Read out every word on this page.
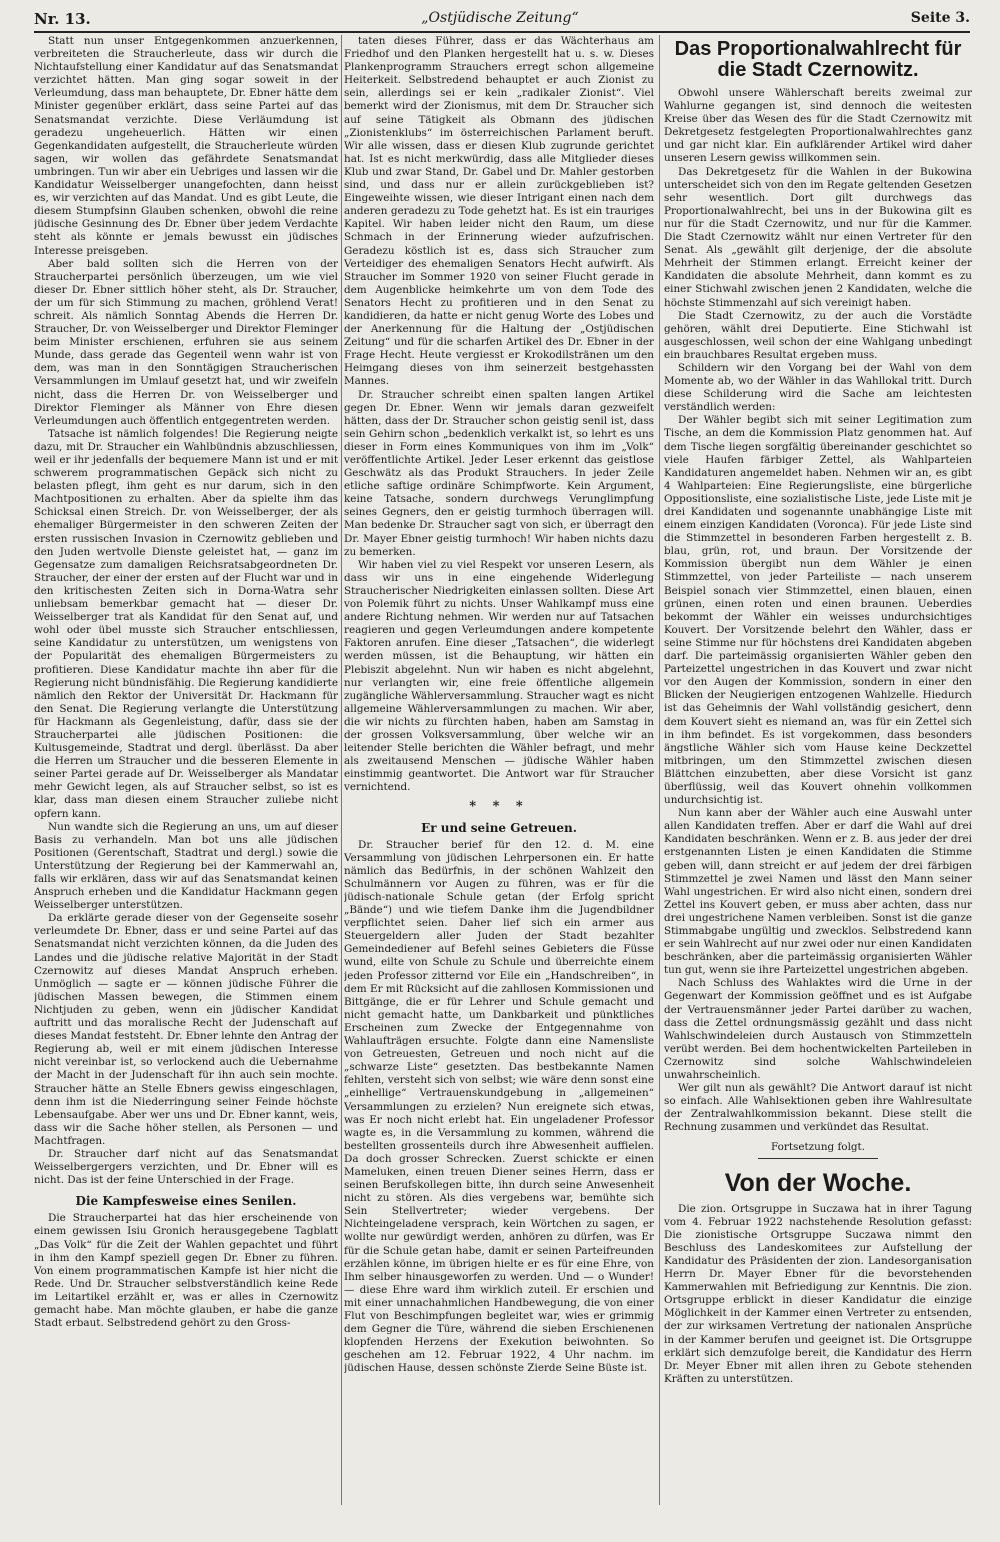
Nr. 13.	„Ostjüdische Zeitung“	Seite 3.

Statt nun unser Entgegenkommen anzuerkennen, verbreiteten die Straucherleute, dass wir durch die Nichtaufstellung einer Kandidatur auf das Senatsmandat verzichtet hätten. Man ging sogar soweit in der Verleumdung, dass man behauptete, Dr. Ebner hätte dem Minister gegenüber erklärt, dass seine Partei auf das Senatsmandat verzichte. Diese Verläumdung ist geradezu ungeheuerlich. Hätten wir einen Gegenkandidaten aufgestellt, die Straucherleute würden sagen, wir wollen das gefährdete Senatsmandat umbringen. Tun wir aber ein Uebriges und lassen wir die Kandidatur Weisselberger unangefochten, dann heisst es, wir verzichten auf das Mandat. Und es gibt Leute, die diesem Stumpfsinn Glauben schenken, obwohl die reine jüdische Gesinnung des Dr. Ebner über jedem Verdachte steht als könnte er jemals bewusst ein jüdisches Interesse preisgeben.

Aber bald sollten sich die Herren von der Straucherpartei persönlich überzeugen, um wie viel dieser Dr. Ebner sittlich höher steht, als Dr. Straucher, der um für sich Stimmung zu machen, gröhlend Verat! schreit. Als nämlich Sonntag Abends die Herren Dr. Straucher, Dr. von Weisselberger und Direktor Fleminger beim Minister erschienen, erfuhren sie aus seinem Munde, dass gerade das Gegenteil wenn wahr ist von dem, was man in den Sonntägigen Straucherischen Versammlungen im Umlauf gesetzt hat, und wir zweifeln nicht, dass die Herren Dr. von Weisselberger und Direktor Fleminger als Männer von Ehre diesen Verleumdungen auch öffentlich entgegentreten werden.

Tatsache ist nämlich folgendes! Die Regierung neigte dazu, mit Dr. Straucher ein Wahlbündnis abzuschliessen, weil er ihr jedenfalls der bequemere Mann ist und er mit schwerem programmatischen Gepäck sich nicht zu belasten pflegt, ihm geht es nur darum, sich in den Machtpositionen zu erhalten. Aber da spielte ihm das Schicksal einen Streich. Dr. von Weisselberger, der als ehemaliger Bürgermeister in den schweren Zeiten der ersten russischen Invasion in Czernowitz geblieben und den Juden wertvolle Dienste geleistet hat, — ganz im Gegensatze zum damaligen Reichsratsabgeordneten Dr. Straucher, der einer der ersten auf der Flucht war und in den kritischesten Zeiten sich in Dorna-Watra sehr unliebsam bemerkbar gemacht hat — dieser Dr. Weisselberger trat als Kandidat für den Senat auf, und wohl oder übel musste sich Straucher entschliessen, seine Kandidatur zu unterstützen, um wenigstens von der Popularität des ehemaligen Bürgermeisters zu profitieren. Diese Kandidatur machte ihn aber für die Regierung nicht bündnisfähig. Die Regierung kandidierte nämlich den Rektor der Universität Dr. Hackmann für den Senat. Die Regierung verlangte die Unterstützung für Hackmann als Gegenleistung, dafür, dass sie der Straucherpartei alle jüdischen Positionen: die Kultusgemeinde, Stadtrat und dergl. überlässt. Da aber die Herren um Straucher und die besseren Elemente in seiner Partei gerade auf Dr. Weisselberger als Mandatar mehr Gewicht legen, als auf Straucher selbst, so ist es klar, dass man diesen einem Straucher zuliebe nicht opfern kann.

Nun wandte sich die Regierung an uns, um auf dieser Basis zu verhandeln. Man bot uns alle jüdischen Positionen (Gerentschaft, Stadtrat und dergl.) sowie die Unterstützung der Regierung bei der Kammerwahl an, falls wir erklären, dass wir auf das Senatsmandat keinen Anspruch erheben und die Kandidatur Hackmann gegen Weisselberger unterstützen.

Da erklärte gerade dieser von der Gegenseite sosehr verleumdete Dr. Ebner, dass er und seine Partei auf das Senatsmandat nicht verzichten können, da die Juden des Landes und die jüdische relative Majorität in der Stadt Czernowitz auf dieses Mandat Anspruch erheben. Unmöglich — sagte er — können jüdische Führer die jüdischen Massen bewegen, die Stimmen einem Nichtjuden zu geben, wenn ein jüdischer Kandidat auftritt und das moralische Recht der Judenschaft auf dieses Mandat feststeht. Dr. Ebner lehnte den Antrag der Regierung ab, weil er mit einem jüdischen Interesse nicht vereinbar ist, so verlockend auch die Uebernahme der Macht in der Judenschaft für ihn auch sein mochte. Straucher hätte an Stelle Ebners gewiss eingeschlagen, denn ihm ist die Niederringung seiner Feinde höchste Lebensaufgabe. Aber wer uns und Dr. Ebner kannt, weis, dass wir die Sache höher stellen, als Personen — und Machtfragen.

Dr. Straucher darf nicht auf das Senatsmandat Weisselbergergers verzichten, und Dr. Ebner will es nicht. Das ist der feine Unterschied in der Frage.

Die Kampfesweise eines Senilen.

Die Straucherpartei hat das hier erscheinende von einem gewissen Isiu Gronich herausgegebene Tagblatt „Das Volk“ für die Zeit der Wahlen gepachtet und führt in ihm den Kampf speziell gegen Dr. Ebner zu führen. Von einem programmatischen Kampfe ist hier nicht die Rede. Und Dr. Straucher selbstverständlich keine Rede im Leitartikel erzählt er, was er alles in Czernowitz gemacht habe. Man möchte glauben, er habe die ganze Stadt erbaut. Selbstredend gehört zu den Gross-

taten dieses Führer, dass er das Wächterhaus am Friedhof und den Planken hergestellt hat u. s. w. Dieses Plankenprogramm Strauchers erregt schon allgemeine Heiterkeit. Selbstredend behauptet er auch Zionist zu sein, allerdings sei er kein „radikaler Zionist“. Viel bemerkt wird der Zionismus, mit dem Dr. Straucher sich auf seine Tätigkeit als Obmann des jüdischen „Zionistenklubs“ im österreichischen Parlament beruft. Wir alle wissen, dass er diesen Klub zugrunde gerichtet hat. Ist es nicht merkwürdig, dass alle Mitglieder dieses Klub und zwar Stand, Dr. Gabel und Dr. Mahler gestorben sind, und dass nur er allein zurückgeblieben ist? Eingeweihte wissen, wie dieser Intrigant einen nach dem anderen geradezu zu Tode gehetzt hat. Es ist ein trauriges Kapitel. Wir haben leider nicht den Raum, um diese Schmach in der Erinnerung wieder aufzufrischen. Geradezu köstlich ist es, dass sich Straucher zum Verteidiger des ehemaligen Senators Hecht aufwirft. Als Straucher im Sommer 1920 von seiner Flucht gerade in dem Augenblicke heimkehrte um von dem Tode des Senators Hecht zu profitieren und in den Senat zu kandidieren, da hatte er nicht genug Worte des Lobes und der Anerkennung für die Haltung der „Ostjüdischen Zeitung“ und für die scharfen Artikel des Dr. Ebner in der Frage Hecht. Heute vergiesst er Krokodilstränen um den Heimgang dieses von ihm seinerzeit bestgehassten Mannes.

Dr. Straucher schreibt einen spalten langen Artikel gegen Dr. Ebner. Wenn wir jemals daran gezweifelt hätten, dass der Dr. Straucher schon geistig senil ist, dass sein Gehirn schon „bedenklich verkalkt ist, so lehrt es uns dieser in Form eines Kommuniques von ihm im „Volk“ veröffentlichte Artikel. Jeder Leser erkennt das geistlose Geschwätz als das Produkt Strauchers. In jeder Zeile etliche saftige ordinäre Schimpfworte. Kein Argument, keine Tatsache, sondern durchwegs Verunglimpfung seines Gegners, den er geistig turmhoch überragen will. Man bedenke Dr. Straucher sagt von sich, er überragt den Dr. Mayer Ebner geistig turmhoch! Wir haben nichts dazu zu bemerken.

Wir haben viel zu viel Respekt vor unseren Lesern, als dass wir uns in eine eingehende Widerlegung Straucherischer Niedrigkeiten einlassen sollten. Diese Art von Polemik führt zu nichts. Unser Wahlkampf muss eine andere Richtung nehmen. Wir werden nur auf Tatsachen reagieren und gegen Verleumdungen andere kompetente Faktoren anrufen. Eine dieser „Tatsachen“, die widerlegt werden müssen, ist die Behauptung, wir hätten ein Plebiszit abgelehnt. Nun wir haben es nicht abgelehnt, nur verlangten wir, eine freie öffentliche allgemein zugängliche Wählerversammlung. Straucher wagt es nicht allgemeine Wählerversammlungen zu machen. Wir aber, die wir nichts zu fürchten haben, haben am Samstag in der grossen Volksversammlung, über welche wir an leitender Stelle berichten die Wähler befragt, und mehr als zweitausend Menschen — jüdische Wähler haben einstimmig geantwortet. Die Antwort war für Straucher vernichtend.

* * *
Er und seine Getreuen.

Dr. Straucher berief für den 12. d. M. eine Versammlung von jüdischen Lehrpersonen ein. Er hatte nämlich das Bedürfnis, in der schönen Wahlzeit den Schulmännern vor Augen zu führen, was er für die jüdisch-nationale Schule getan (der Erfolg spricht „Bände“) und wie tiefem Danke ihm die Jugendbildner verpflichtet seien. Daher lief sich ein armer aus Steuergeldern aller Juden der Stadt bezahlter Gemeindediener auf Befehl seines Gebieters die Füsse wund, eilte von Schule zu Schule und überreichte einem jeden Professor zitternd vor Eile ein „Handschreiben“, in dem Er mit Rücksicht auf die zahllosen Kommissionen und Bittgänge, die er für Lehrer und Schule gemacht und nicht gemacht hatte, um Dankbarkeit und pünktliches Erscheinen zum Zwecke der Entgegennahme von Wahlaufträgen ersuchte. Folgte dann eine Namensliste von Getreuesten, Getreuen und noch nicht auf die „schwarze Liste“ gesetzten. Das bestbekannte Namen fehlten, versteht sich von selbst; wie wäre denn sonst eine „einhellige“ Vertrauenskundgebung in „allgemeinen“ Versammlungen zu erzielen? Nun ereignete sich etwas, was Er noch nicht erlebt hat. Ein ungeladener Professor wagte es, in die Versammlung zu kommen, während die bestellten grossenteils durch ihre Abwesenheit auffielen. Da doch grosser Schrecken. Zuerst schickte er einen Mameluken, einen treuen Diener seines Herrn, dass er seinen Berufskollegen bitte, ihn durch seine Anwesenheit nicht zu stören. Als dies vergebens war, bemühte sich Sein Stellvertreter; wieder vergebens. Der Nichteingeladene versprach, kein Wörtchen zu sagen, er wollte nur gewürdigt werden, anhören zu dürfen, was Er für die Schule getan habe, damit er seinen Parteifreunden erzählen könne, im übrigen hielte er es für eine Ehre, von Ihm selber hinausgeworfen zu werden. Und — o Wunder! — diese Ehre ward ihm wirklich zuteil. Er erschien und mit einer unnachahmlichen Handbewegung, die von einer Flut von Beschimpfungen begleitet war, wies er grimmig dem Gegner die Türe, während die sieben Erschienenen klopfenden Herzens der Exekution beiwohnten. So geschehen am 12. Februar 1922, 4 Uhr nachm. im jüdischen Hause, dessen schönste Zierde Seine Büste ist.

Das Proportionalwahlrecht für die Stadt Czernowitz.

Obwohl unsere Wählerschaft bereits zweimal zur Wahlurne gegangen ist, sind dennoch die weitesten Kreise über das Wesen des für die Stadt Czernowitz mit Dekretgesetz festgelegten Proportionalwahlrechtes ganz und gar nicht klar. Ein aufklärender Artikel wird daher unseren Lesern gewiss willkommen sein.

Das Dekretgesetz für die Wahlen in der Bukowina unterscheidet sich von den im Regate geltenden Gesetzen sehr wesentlich. Dort gilt durchwegs das Proportionalwahlrecht, bei uns in der Bukowina gilt es nur für die Stadt Czernowitz, und nur für die Kammer. Die Stadt Czernowitz wählt nur einen Vertreter für den Senat. Als „gewählt gilt derjenige, der die absolute Mehrheit der Stimmen erlangt. Erreicht keiner der Kandidaten die absolute Mehrheit, dann kommt es zu einer Stichwahl zwischen jenen 2 Kandidaten, welche die höchste Stimmenzahl auf sich vereinigt haben.

Die Stadt Czernowitz, zu der auch die Vorstädte gehören, wählt drei Deputierte. Eine Stichwahl ist ausgeschlossen, weil schon der eine Wahlgang unbedingt ein brauchbares Resultat ergeben muss.

Schildern wir den Vorgang bei der Wahl von dem Momente ab, wo der Wähler in das Wahllokal tritt. Durch diese Schilderung wird die Sache am leichtesten verständlich werden:

Der Wähler begibt sich mit seiner Legitimation zum Tische, an dem die Kommission Platz genommen hat. Auf dem Tische liegen sorgfältig übereinander geschichtet so viele Haufen färbiger Zettel, als Wahlparteien Kandidaturen angemeldet haben. Nehmen wir an, es gibt 4 Wahlparteien: Eine Regierungsliste, eine bürgerliche Oppositionsliste, eine sozialistische Liste, jede Liste mit je drei Kandidaten und sogenannte unabhängige Liste mit einem einzigen Kandidaten (Voronca). Für jede Liste sind die Stimmzettel in besonderen Farben hergestellt z. B. blau, grün, rot, und braun. Der Vorsitzende der Kommission übergibt nun dem Wähler je einen Stimmzettel, von jeder Parteiliste — nach unserem Beispiel sonach vier Stimmzettel, einen blauen, einen grünen, einen roten und einen braunen. Ueberdies bekommt der Wähler ein weisses undurchsichtiges Kouvert. Der Vorsitzende belehrt den Wähler, dass er seine Stimme nur für höchstens drei Kandidaten abgeben darf. Die parteimässig organisierten Wähler geben den Parteizettel ungestrichen in das Kouvert und zwar nicht vor den Augen der Kommission, sondern in einer den Blicken der Neugierigen entzogenen Wahlzelle. Hiedurch ist das Geheimnis der Wahl vollständig gesichert, denn dem Kouvert sieht es niemand an, was für ein Zettel sich in ihm befindet. Es ist vorgekommen, dass besonders ängstliche Wähler sich vom Hause keine Deckzettel mitbringen, um den Stimmzettel zwischen diesen Blättchen einzubetten, aber diese Vorsicht ist ganz überflüssig, weil das Kouvert ohnehin vollkommen undurchsichtig ist.

Nun kann aber der Wähler auch eine Auswahl unter allen Kandidaten treffen. Aber er darf die Wahl auf drei Kandidaten beschränken. Wenn er z. B. aus jeder der drei erstgenannten Listen je einen Kandidaten die Stimme geben will, dann streicht er auf jedem der drei färbigen Stimmzettel je zwei Namen und lässt den Mann seiner Wahl ungestrichen. Er wird also nicht einen, sondern drei Zettel ins Kouvert geben, er muss aber achten, dass nur drei ungestrichene Namen verbleiben. Sonst ist die ganze Stimmabgabe ungültig und zwecklos. Selbstredend kann er sein Wahlrecht auf nur zwei oder nur einen Kandidaten beschränken, aber die parteimässig organisierten Wähler tun gut, wenn sie ihre Parteizettel ungestrichen abgeben.

Nach Schluss des Wahlaktes wird die Urne in der Gegenwart der Kommission geöffnet und es ist Aufgabe der Vertrauensmänner jeder Partei darüber zu wachen, dass die Zettel ordnungsmässig gezählt und dass nicht Wahlschwindeleien durch Austausch von Stimmzetteln verübt werden. Bei dem hochentwickelten Parteileben in Czernowitz sind solche Wahlschwindeleien unwahrscheinlich.

Wer gilt nun als gewählt? Die Antwort darauf ist nicht so einfach. Alle Wahlsektionen geben ihre Wahlresultate der Zentralwahlkommission bekannt. Diese stellt die Rechnung zusammen und verkündet das Resultat.

Fortsetzung folgt.
Von der Woche.

Die zion. Ortsgruppe in Suczawa hat in ihrer Tagung vom 4. Februar 1922 nachstehende Resolution gefasst: Die zionistische Ortsgruppe Suczawa nimmt den Beschluss des Landeskomitees zur Aufstellung der Kandidatur des Präsidenten der zion. Landesorganisation Herrn Dr. Mayer Ebner für die bevorstehenden Kammerwahlen mit Befriedigung zur Kenntnis. Die zion. Ortsgruppe erblickt in dieser Kandidatur die einzige Möglichkeit in der Kammer einen Vertreter zu entsenden, der zur wirksamen Vertretung der nationalen Ansprüche in der Kammer berufen und geeignet ist. Die Ortsgruppe erklärt sich demzufolge bereit, die Kandidatur des Herrn Dr. Meyer Ebner mit allen ihren zu Gebote stehenden Kräften zu unterstützen.
